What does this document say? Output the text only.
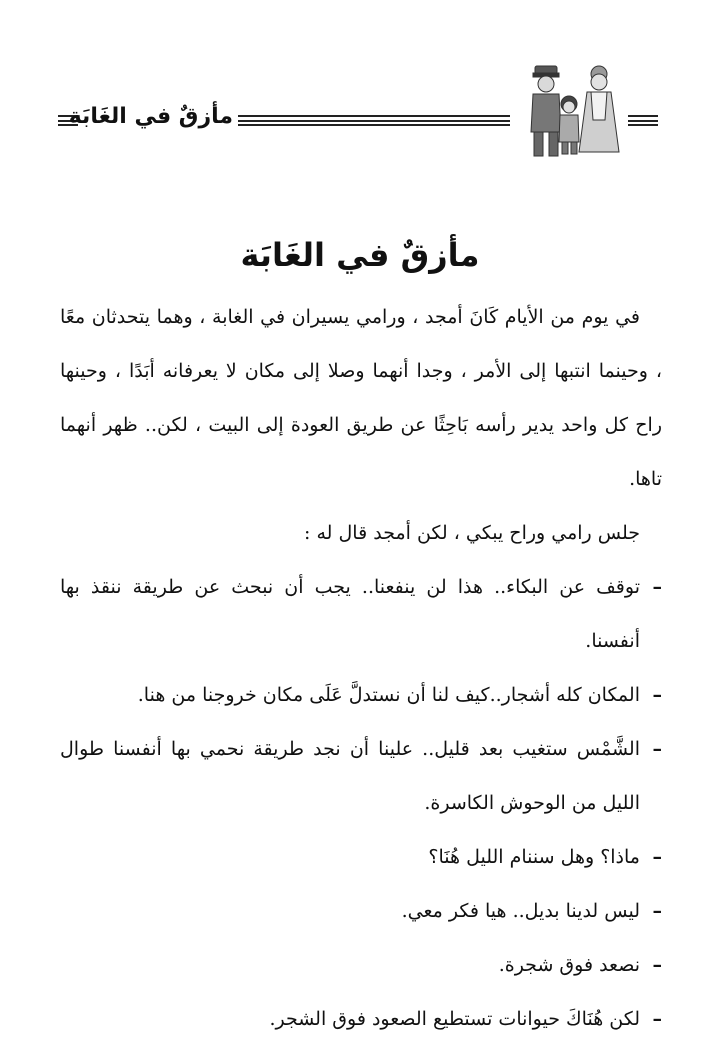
مأزقٌ في الغَابَة
مأزقٌ في الغَابَة

في يوم من الأيام كَانَ أمجد ، ورامي يسيران في الغابة ، وهما يتحدثان معًا ، وحينما انتبها إلى الأمر ، وجدا أنهما وصلا إلى مكان لا يعرفانه أبَدًا ، وحينها راح كل واحد يدير رأسه بَاحِثًا عن طريق العودة إلى البيت ، لكن.. ظهر أنهما تاها.

جلس رامي وراح يبكي ، لكن أمجد قال له :

–
توقف عن البكاء.. هذا لن ينفعنا.. يجب أن نبحث عن طريقة ننقذ بها أنفسنا.
–
المكان كله أشجار..كيف لنا أن نستدلَّ عَلَى مكان خروجنا من هنا.
–
الشَّمْس ستغيب بعد قليل.. علينا أن نجد طريقة نحمي بها أنفسنا طوال الليل من الوحوش الكاسرة.
–
ماذا؟ وهل سننام الليل هُنَا؟
–
ليس لدينا بديل.. هيا فكر معي.
–
نصعد فوق شجرة.
–
لكن هُنَاكَ حيوانات تستطيع الصعود فوق الشجر.
